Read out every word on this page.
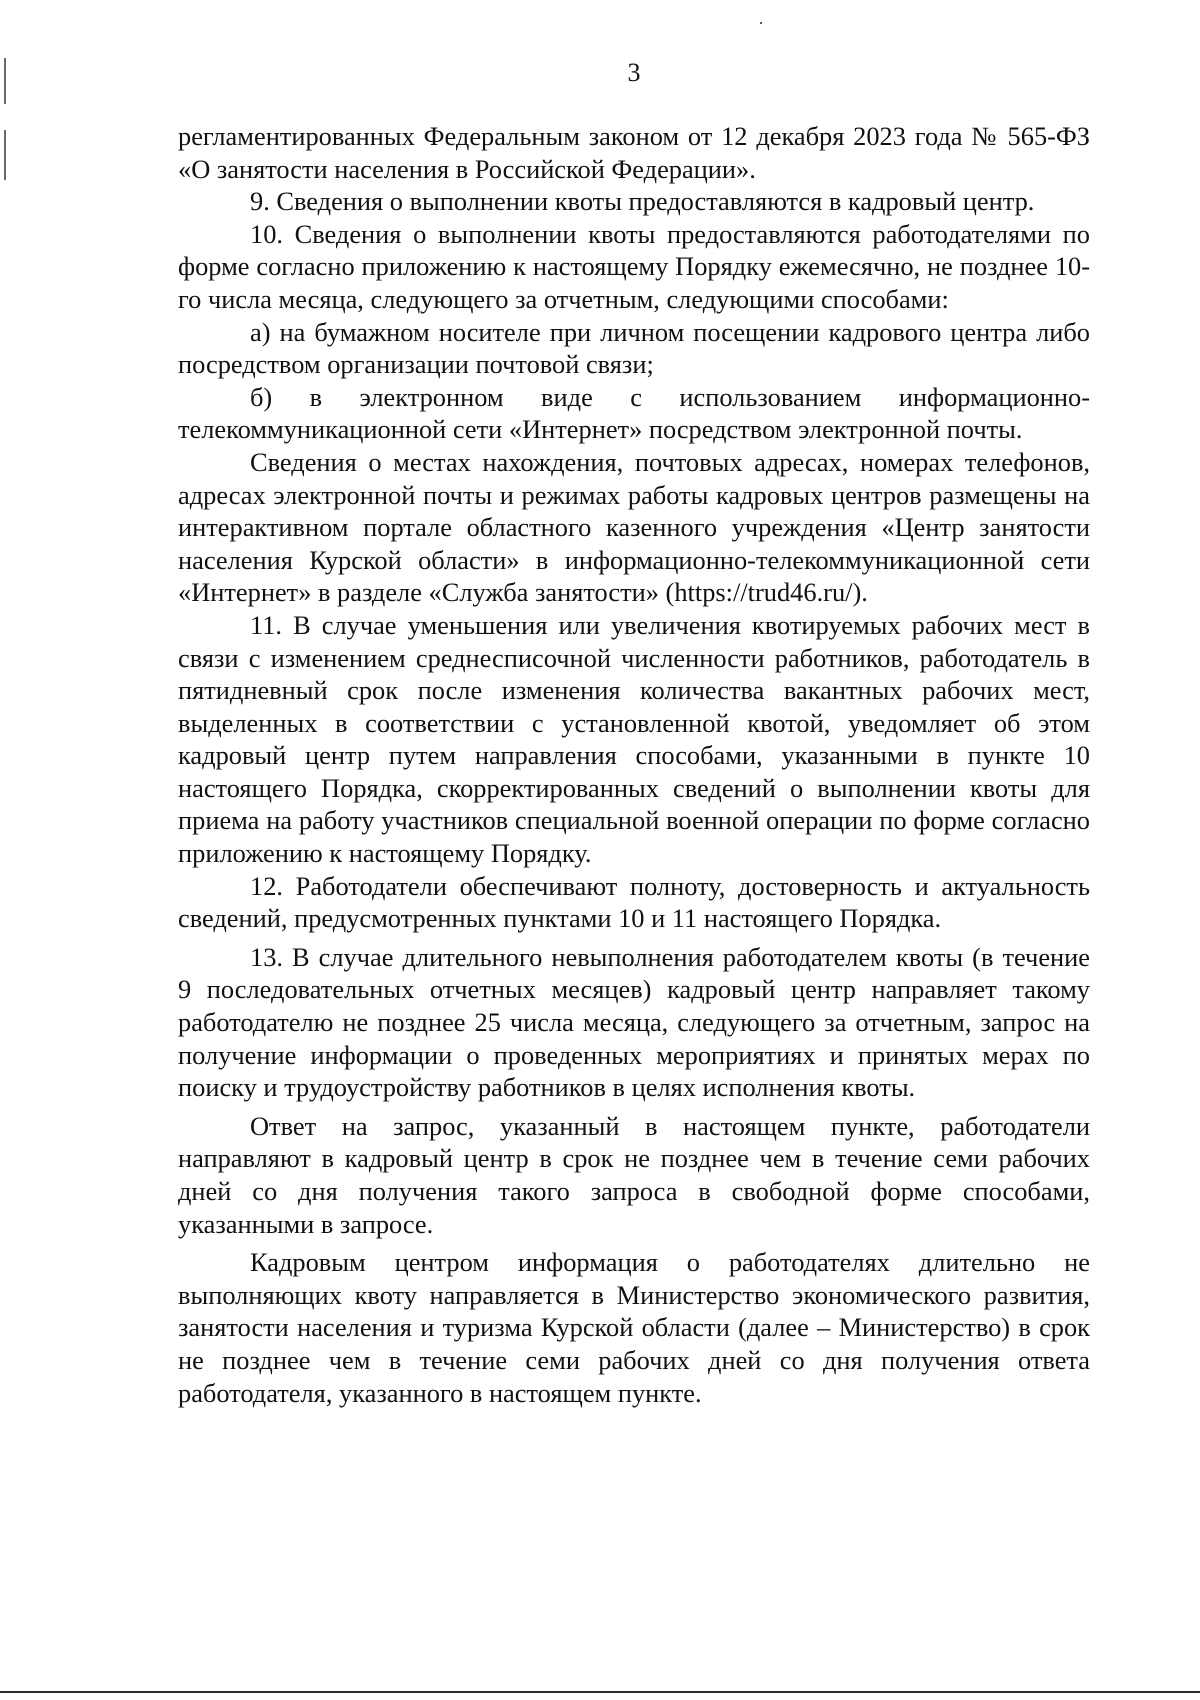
3

регламентированных Федеральным законом от 12 декабря 2023 года № 565-ФЗ «О занятости населения в Российской Федерации».

9. Сведения о выполнении квоты предоставляются в кадровый центр.

10. Сведения о выполнении квоты предоставляются работодателями по форме согласно приложению к настоящему Порядку ежемесячно, не позднее 10-го числа месяца, следующего за отчетным, следующими способами:

а) на бумажном носителе при личном посещении кадрового центра либо посредством организации почтовой связи;

б) в электронном виде с использованием информационно-телекоммуникационной сети «Интернет» посредством электронной почты.

Сведения о местах нахождения, почтовых адресах, номерах телефонов, адресах электронной почты и режимах работы кадровых центров размещены на интерактивном портале областного казенного учреждения «Центр занятости населения Курской области» в информационно-телекоммуникационной сети «Интернет» в разделе «Служба занятости» (https://trud46.ru/).

11. В случае уменьшения или увеличения квотируемых рабочих мест в связи с изменением среднесписочной численности работников, работодатель в пятидневный срок после изменения количества вакантных рабочих мест, выделенных в соответствии с установленной квотой, уведомляет об этом кадровый центр путем направления способами, указанными в пункте 10 настоящего Порядка, скорректированных сведений о выполнении квоты для приема на работу участников специальной военной операции по форме согласно приложению к настоящему Порядку.

12. Работодатели обеспечивают полноту, достоверность и актуальность сведений, предусмотренных пунктами 10 и 11 настоящего Порядка.

13. В случае длительного невыполнения работодателем квоты (в течение 9 последовательных отчетных месяцев) кадровый центр направляет такому работодателю не позднее 25 числа месяца, следующего за отчетным, запрос на получение информации о проведенных мероприятиях и принятых мерах по поиску и трудоустройству работников в целях исполнения квоты.

Ответ на запрос, указанный в настоящем пункте, работодатели направляют в кадровый центр в срок не позднее чем в течение семи рабочих дней со дня получения такого запроса в свободной форме способами, указанными в запросе.

Кадровым центром информация о работодателях длительно не выполняющих квоту направляется в Министерство экономического развития, занятости населения и туризма Курской области (далее – Министерство) в срок не позднее чем в течение семи рабочих дней со дня получения ответа работодателя, указанного в настоящем пункте.
